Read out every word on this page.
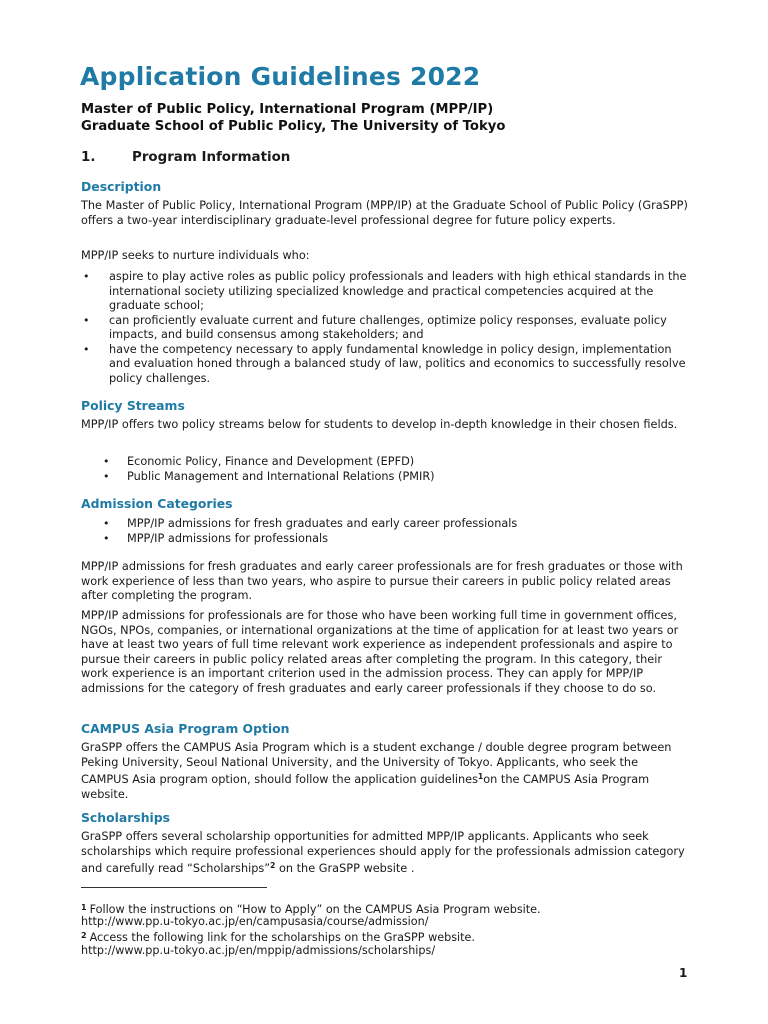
Application Guidelines 2022

Master of Public Policy, International Program (MPP/IP)

Graduate School of Public Policy, The University of Tokyo

1.	Program Information
Description

The Master of Public Policy, International Program (MPP/IP) at the Graduate School of Public Policy (GraSPP) offers a two-year interdisciplinary graduate-level professional degree for future policy experts.

MPP/IP seeks to nurture individuals who:

• aspire to play active roles as public policy professionals and leaders with high ethical standards in the international society utilizing specialized knowledge and practical competencies acquired at the graduate school;
• can proficiently evaluate current and future challenges, optimize policy responses, evaluate policy impacts, and build consensus among stakeholders; and
• have the competency necessary to apply fundamental knowledge in policy design, implementation and evaluation honed through a balanced study of law, politics and economics to successfully resolve policy challenges.
Policy Streams

MPP/IP offers two policy streams below for students to develop in-depth knowledge in their chosen fields.

• Economic Policy, Finance and Development (EPFD)
• Public Management and International Relations (PMIR)
Admission Categories
• MPP/IP admissions for fresh graduates and early career professionals
• MPP/IP admissions for professionals

MPP/IP admissions for fresh graduates and early career professionals are for fresh graduates or those with work experience of less than two years, who aspire to pursue their careers in public policy related areas after completing the program.

MPP/IP admissions for professionals are for those who have been working full time in government offices, NGOs, NPOs, companies, or international organizations at the time of application for at least two years or have at least two years of full time relevant work experience as independent professionals and aspire to pursue their careers in public policy related areas after completing the program. In this category, their work experience is an important criterion used in the admission process. They can apply for MPP/IP admissions for the category of fresh graduates and early career professionals if they choose to do so.

CAMPUS Asia Program Option

GraSPP offers the CAMPUS Asia Program which is a student exchange / double degree program between Peking University, Seoul National University, and the University of Tokyo. Applicants, who seek the CAMPUS Asia program option, should follow the application guidelines$^1$on the CAMPUS Asia Program website.

Scholarships

GraSPP offers several scholarship opportunities for admitted MPP/IP applicants. Applicants who seek scholarships which require professional experiences should apply for the professionals admission category and carefully read “Scholarships”$^2$ on the GraSPP website .

$^1$ Follow the instructions on “How to Apply” on the CAMPUS Asia Program website.

http://www.pp.u-tokyo.ac.jp/en/campusasia/course/admission/

$^2$ Access the following link for the scholarships on the GraSPP website.

http://www.pp.u-tokyo.ac.jp/en/mppip/admissions/scholarships/

1
